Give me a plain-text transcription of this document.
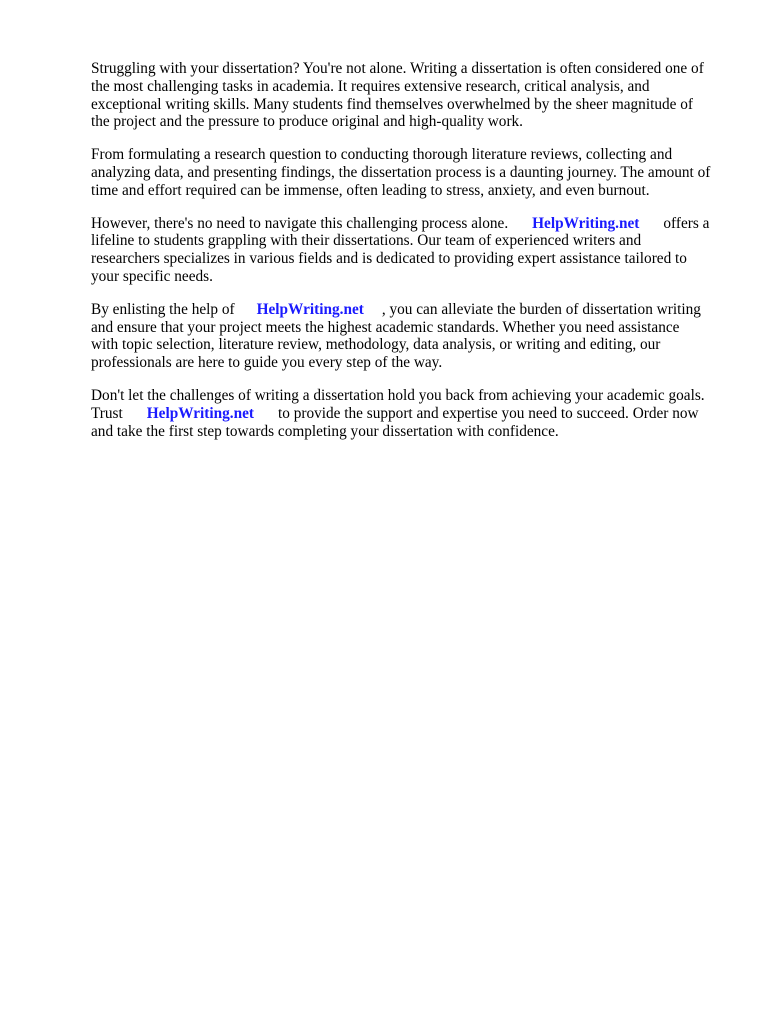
Struggling with your dissertation? You're not alone. Writing a dissertation is often considered one of
the most challenging tasks in academia. It requires extensive research, critical analysis, and
exceptional writing skills. Many students find themselves overwhelmed by the sheer magnitude of
the project and the pressure to produce original and high-quality work.
From formulating a research question to conducting thorough literature reviews, collecting and
analyzing data, and presenting findings, the dissertation process is a daunting journey. The amount of
time and effort required can be immense, often leading to stress, anxiety, and even burnout.
However, there's no need to navigate this challenging process alone. HelpWriting.net offers a
lifeline to students grappling with their dissertations. Our team of experienced writers and
researchers specializes in various fields and is dedicated to providing expert assistance tailored to
your specific needs.
By enlisting the help of HelpWriting.net , you can alleviate the burden of dissertation writing
and ensure that your project meets the highest academic standards. Whether you need assistance
with topic selection, literature review, methodology, data analysis, or writing and editing, our
professionals are here to guide you every step of the way.
Don't let the challenges of writing a dissertation hold you back from achieving your academic goals.
Trust HelpWriting.net to provide the support and expertise you need to succeed. Order now
and take the first step towards completing your dissertation with confidence.
